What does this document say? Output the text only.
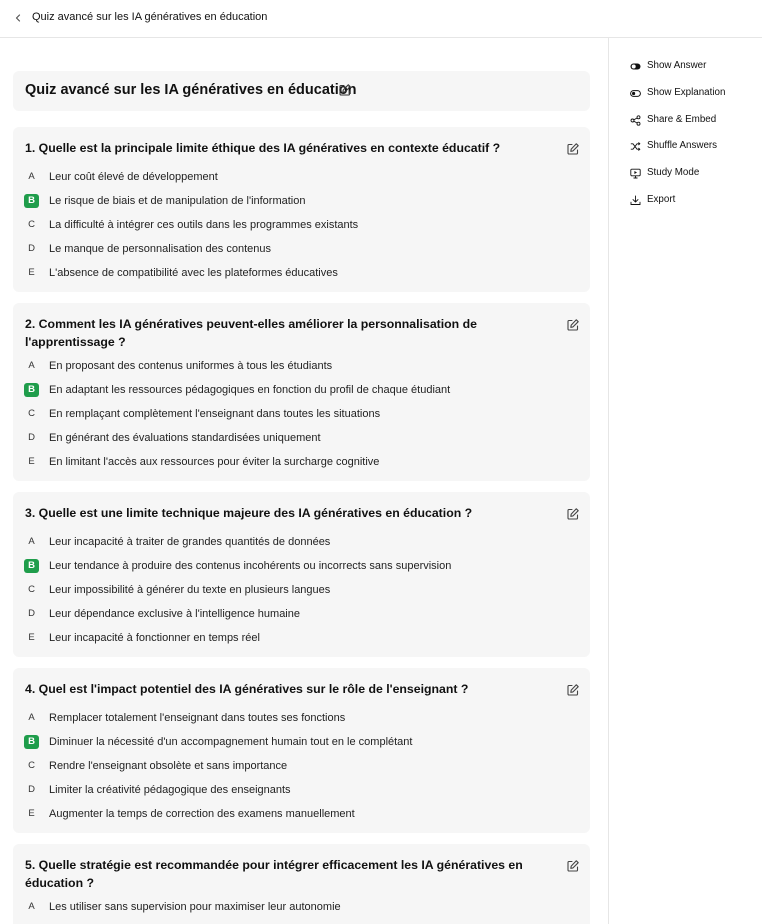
Quiz avancé sur les IA génératives en éducation
Quiz avancé sur les IA génératives en éducation
1. Quelle est la principale limite éthique des IA génératives en contexte éducatif ?
A	Leur coût élevé de développement
B	Le risque de biais et de manipulation de l'information
C	La difficulté à intégrer ces outils dans les programmes existants
D	Le manque de personnalisation des contenus
E	L'absence de compatibilité avec les plateformes éducatives
2. Comment les IA génératives peuvent-elles améliorer la personnalisation de l'apprentissage ?
A	En proposant des contenus uniformes à tous les étudiants
B	En adaptant les ressources pédagogiques en fonction du profil de chaque étudiant
C	En remplaçant complètement l'enseignant dans toutes les situations
D	En générant des évaluations standardisées uniquement
E	En limitant l'accès aux ressources pour éviter la surcharge cognitive
3. Quelle est une limite technique majeure des IA génératives en éducation ?
A	Leur incapacité à traiter de grandes quantités de données
B	Leur tendance à produire des contenus incohérents ou incorrects sans supervision
C	Leur impossibilité à générer du texte en plusieurs langues
D	Leur dépendance exclusive à l'intelligence humaine
E	Leur incapacité à fonctionner en temps réel
4. Quel est l'impact potentiel des IA génératives sur le rôle de l'enseignant ?
A	Remplacer totalement l'enseignant dans toutes ses fonctions
B	Diminuer la nécessité d'un accompagnement humain tout en le complétant
C	Rendre l'enseignant obsolète et sans importance
D	Limiter la créativité pédagogique des enseignants
E	Augmenter la temps de correction des examens manuellement
5. Quelle stratégie est recommandée pour intégrer efficacement les IA génératives en éducation ?
A	Les utiliser sans supervision pour maximiser leur autonomie
Show Answer
Show Explanation
Share & Embed
Shuffle Answers
Study Mode
Export
